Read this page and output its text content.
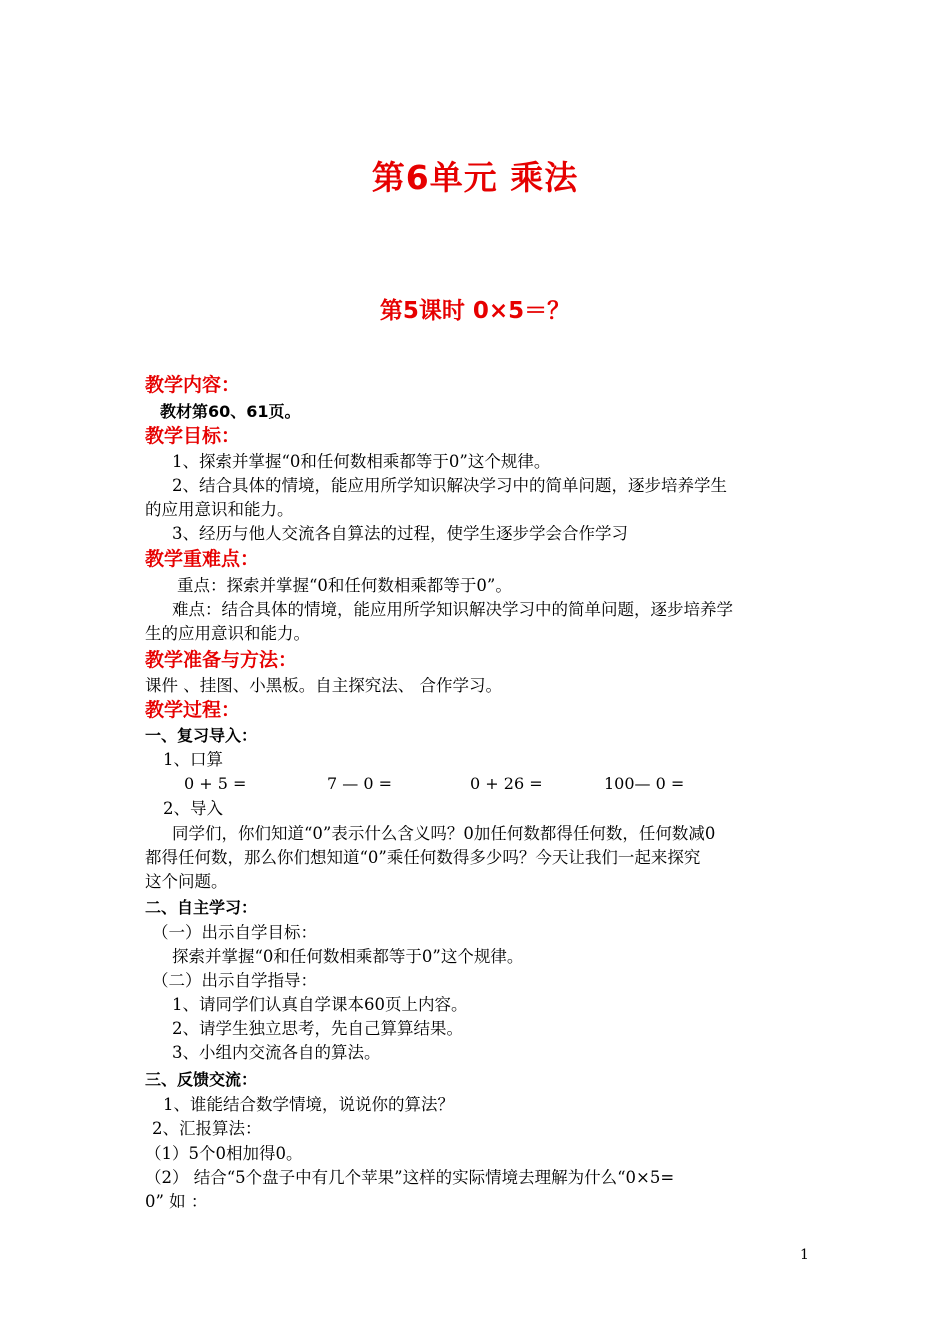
第6单元 乘法
第5课时 0×5＝？
教学内容：
教材第60、61页。
教学目标：
1、探索并掌握“0和任何数相乘都等于0”这个规律。
2、结合具体的情境，能应用所学知识解决学习中的简单问题，逐步培养学生
的应用意识和能力。
3、经历与他人交流各自算法的过程，使学生逐步学会合作学习
教学重难点：
重点：探索并掌握“0和任何数相乘都等于0”。
难点：结合具体的情境，能应用所学知识解决学习中的简单问题，逐步培养学
生的应用意识和能力。
教学准备与方法：
课件 、挂图、小黑板。自主探究法、 合作学习。
教学过程：
一、复习导入：
1、口算
0 + 5 =	7 — 0 =	0 + 26 =	100— 0 =
2、导入
同学们，你们知道“0”表示什么含义吗？0加任何数都得任何数，任何数减0
都得任何数，那么你们想知道“0”乘任何数得多少吗？今天让我们一起来探究
这个问题。
二、自主学习：
（一）出示自学目标：
探索并掌握“0和任何数相乘都等于0”这个规律。
（二）出示自学指导：
1、请同学们认真自学课本60页上内容。
2、请学生独立思考，先自己算算结果。
3、小组内交流各自的算法。
三、反馈交流：
1、谁能结合数学情境，说说你的算法？
2、汇报算法：
（1）5个0相加得0。
（2） 结合“5个盘子中有几个苹果”这样的实际情境去理解为什么“0×5=
0” 如 ：
1
